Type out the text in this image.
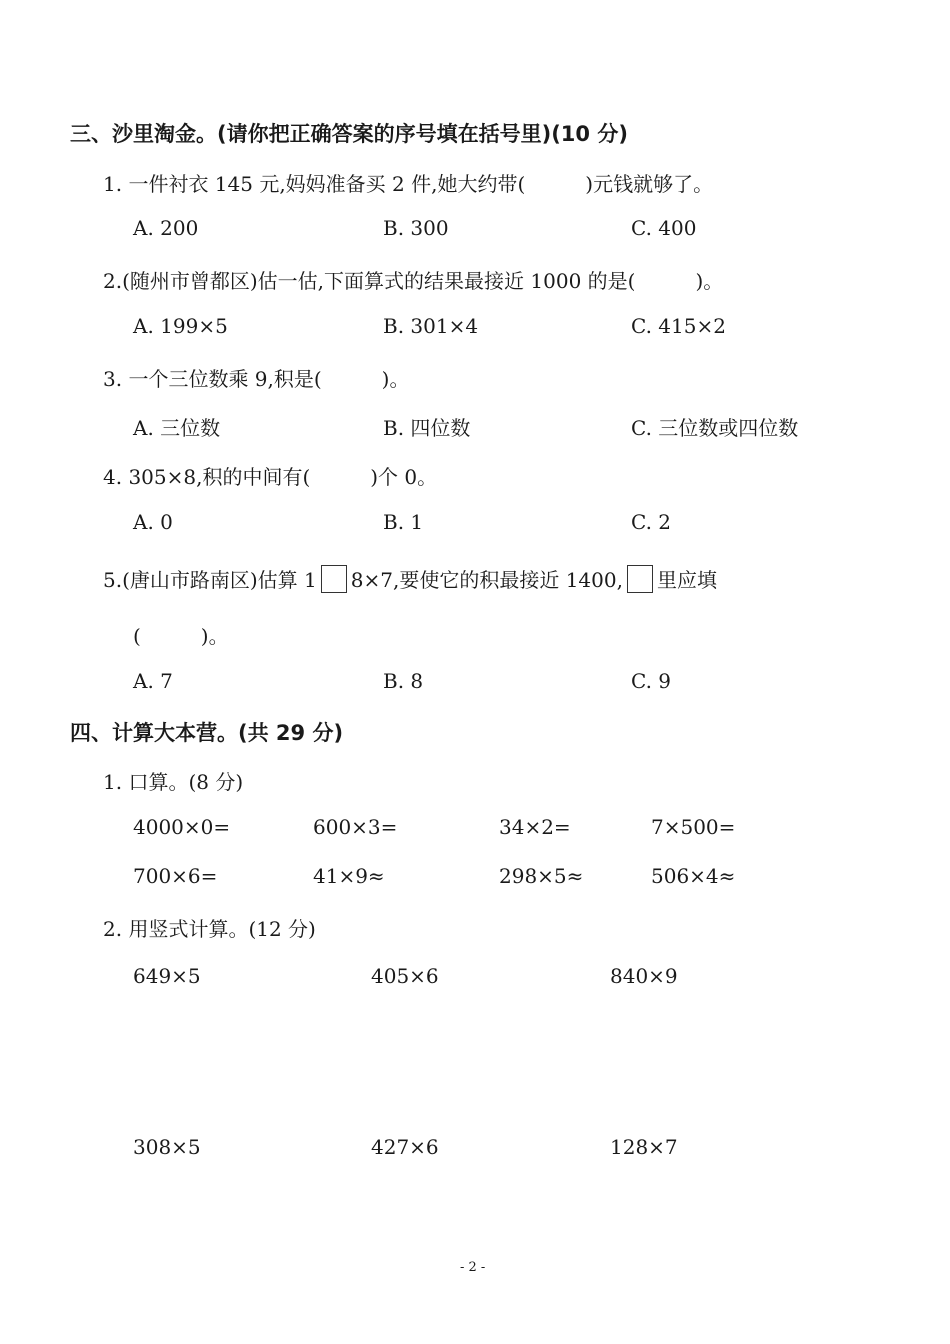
三、沙里淘金。(请你把正确答案的序号填在括号里)(10 分)
1. 一件衬衣 145 元,妈妈准备买 2 件,她大约带(　　　)元钱就够了。
A. 200	B. 300	C. 400
2.(随州市曾都区)估一估,下面算式的结果最接近 1000 的是(　　　)。
A. 199×5	B. 301×4	C. 415×2
3. 一个三位数乘 9,积是(　　　)。
A. 三位数	B. 四位数	C. 三位数或四位数
4. 305×8,积的中间有(　　　)个 0。
A. 0	B. 1	C. 2
5.(唐山市路南区)估算 1 8×7,要使它的积最接近 1400, 里应填
(　　　)。
A. 7	B. 8	C. 9
四、计算大本营。(共 29 分)
1. 口算。(8 分)
4000×0=	600×3=	34×2=	7×500=
700×6=	41×9≈	298×5≈	506×4≈
2. 用竖式计算。(12 分)
649×5	405×6	840×9
308×5	427×6	128×7
- 2 -
